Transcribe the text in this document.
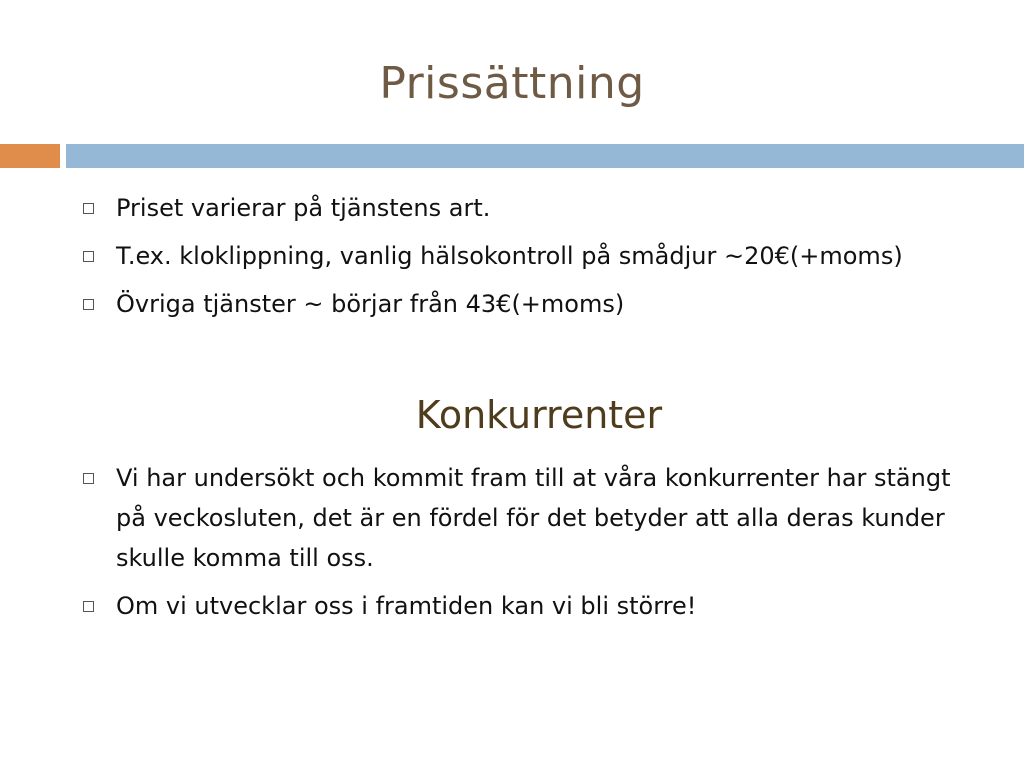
Prissättning
Priset varierar på tjänstens art.
T.ex. kloklippning, vanlig hälsokontroll på smådjur ~20€(+moms)
Övriga tjänster ~ börjar från 43€(+moms)
Konkurrenter
Vi har undersökt och kommit fram till at våra konkurrenter har stängt på veckosluten, det är en fördel för det betyder att alla deras kunder skulle komma till oss.
Om vi utvecklar oss i framtiden kan vi bli större!
